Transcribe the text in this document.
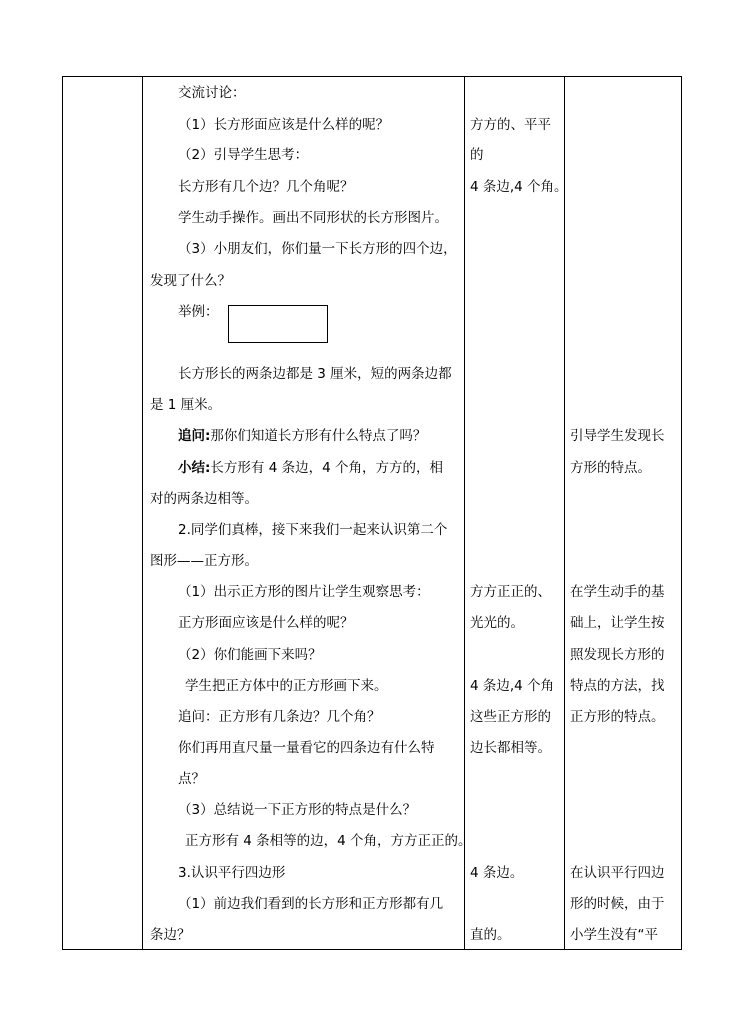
交流讨论：
（1）长方形面应该是什么样的呢？
（2）引导学生思考：
长方形有几个边？几个角呢？
学生动手操作。画出不同形状的长方形图片。
（3）小朋友们，你们量一下长方形的四个边，
发现了什么？
举例：
长方形长的两条边都是 3 厘米，短的两条边都
是 1 厘米。
追问:那你们知道长方形有什么特点了吗？
小结:长方形有 4 条边，4 个角，方方的，相
对的两条边相等。
2.同学们真棒，接下来我们一起来认识第二个
图形——正方形。
（1）出示正方形的图片让学生观察思考：
正方形面应该是什么样的呢？
（2）你们能画下来吗？
学生把正方体中的正方形画下来。
追问：正方形有几条边？几个角？
你们再用直尺量一量看它的四条边有什么特
点？
（3）总结说一下正方形的特点是什么？
正方形有 4 条相等的边，4 个角，方方正正的。
3.认识平行四边形
（1）前边我们看到的长方形和正方形都有几
条边？
方方的、平平
的
4 条边,4 个角。
方方正正的、
光光的。
4 条边,4 个角
这些正方形的
边长都相等。
4 条边。
直的。
引导学生发现长
方形的特点。
在学生动手的基
础上，让学生按
照发现长方形的
特点的方法，找
正方形的特点。
在认识平行四边
形的时候，由于
小学生没有“平
